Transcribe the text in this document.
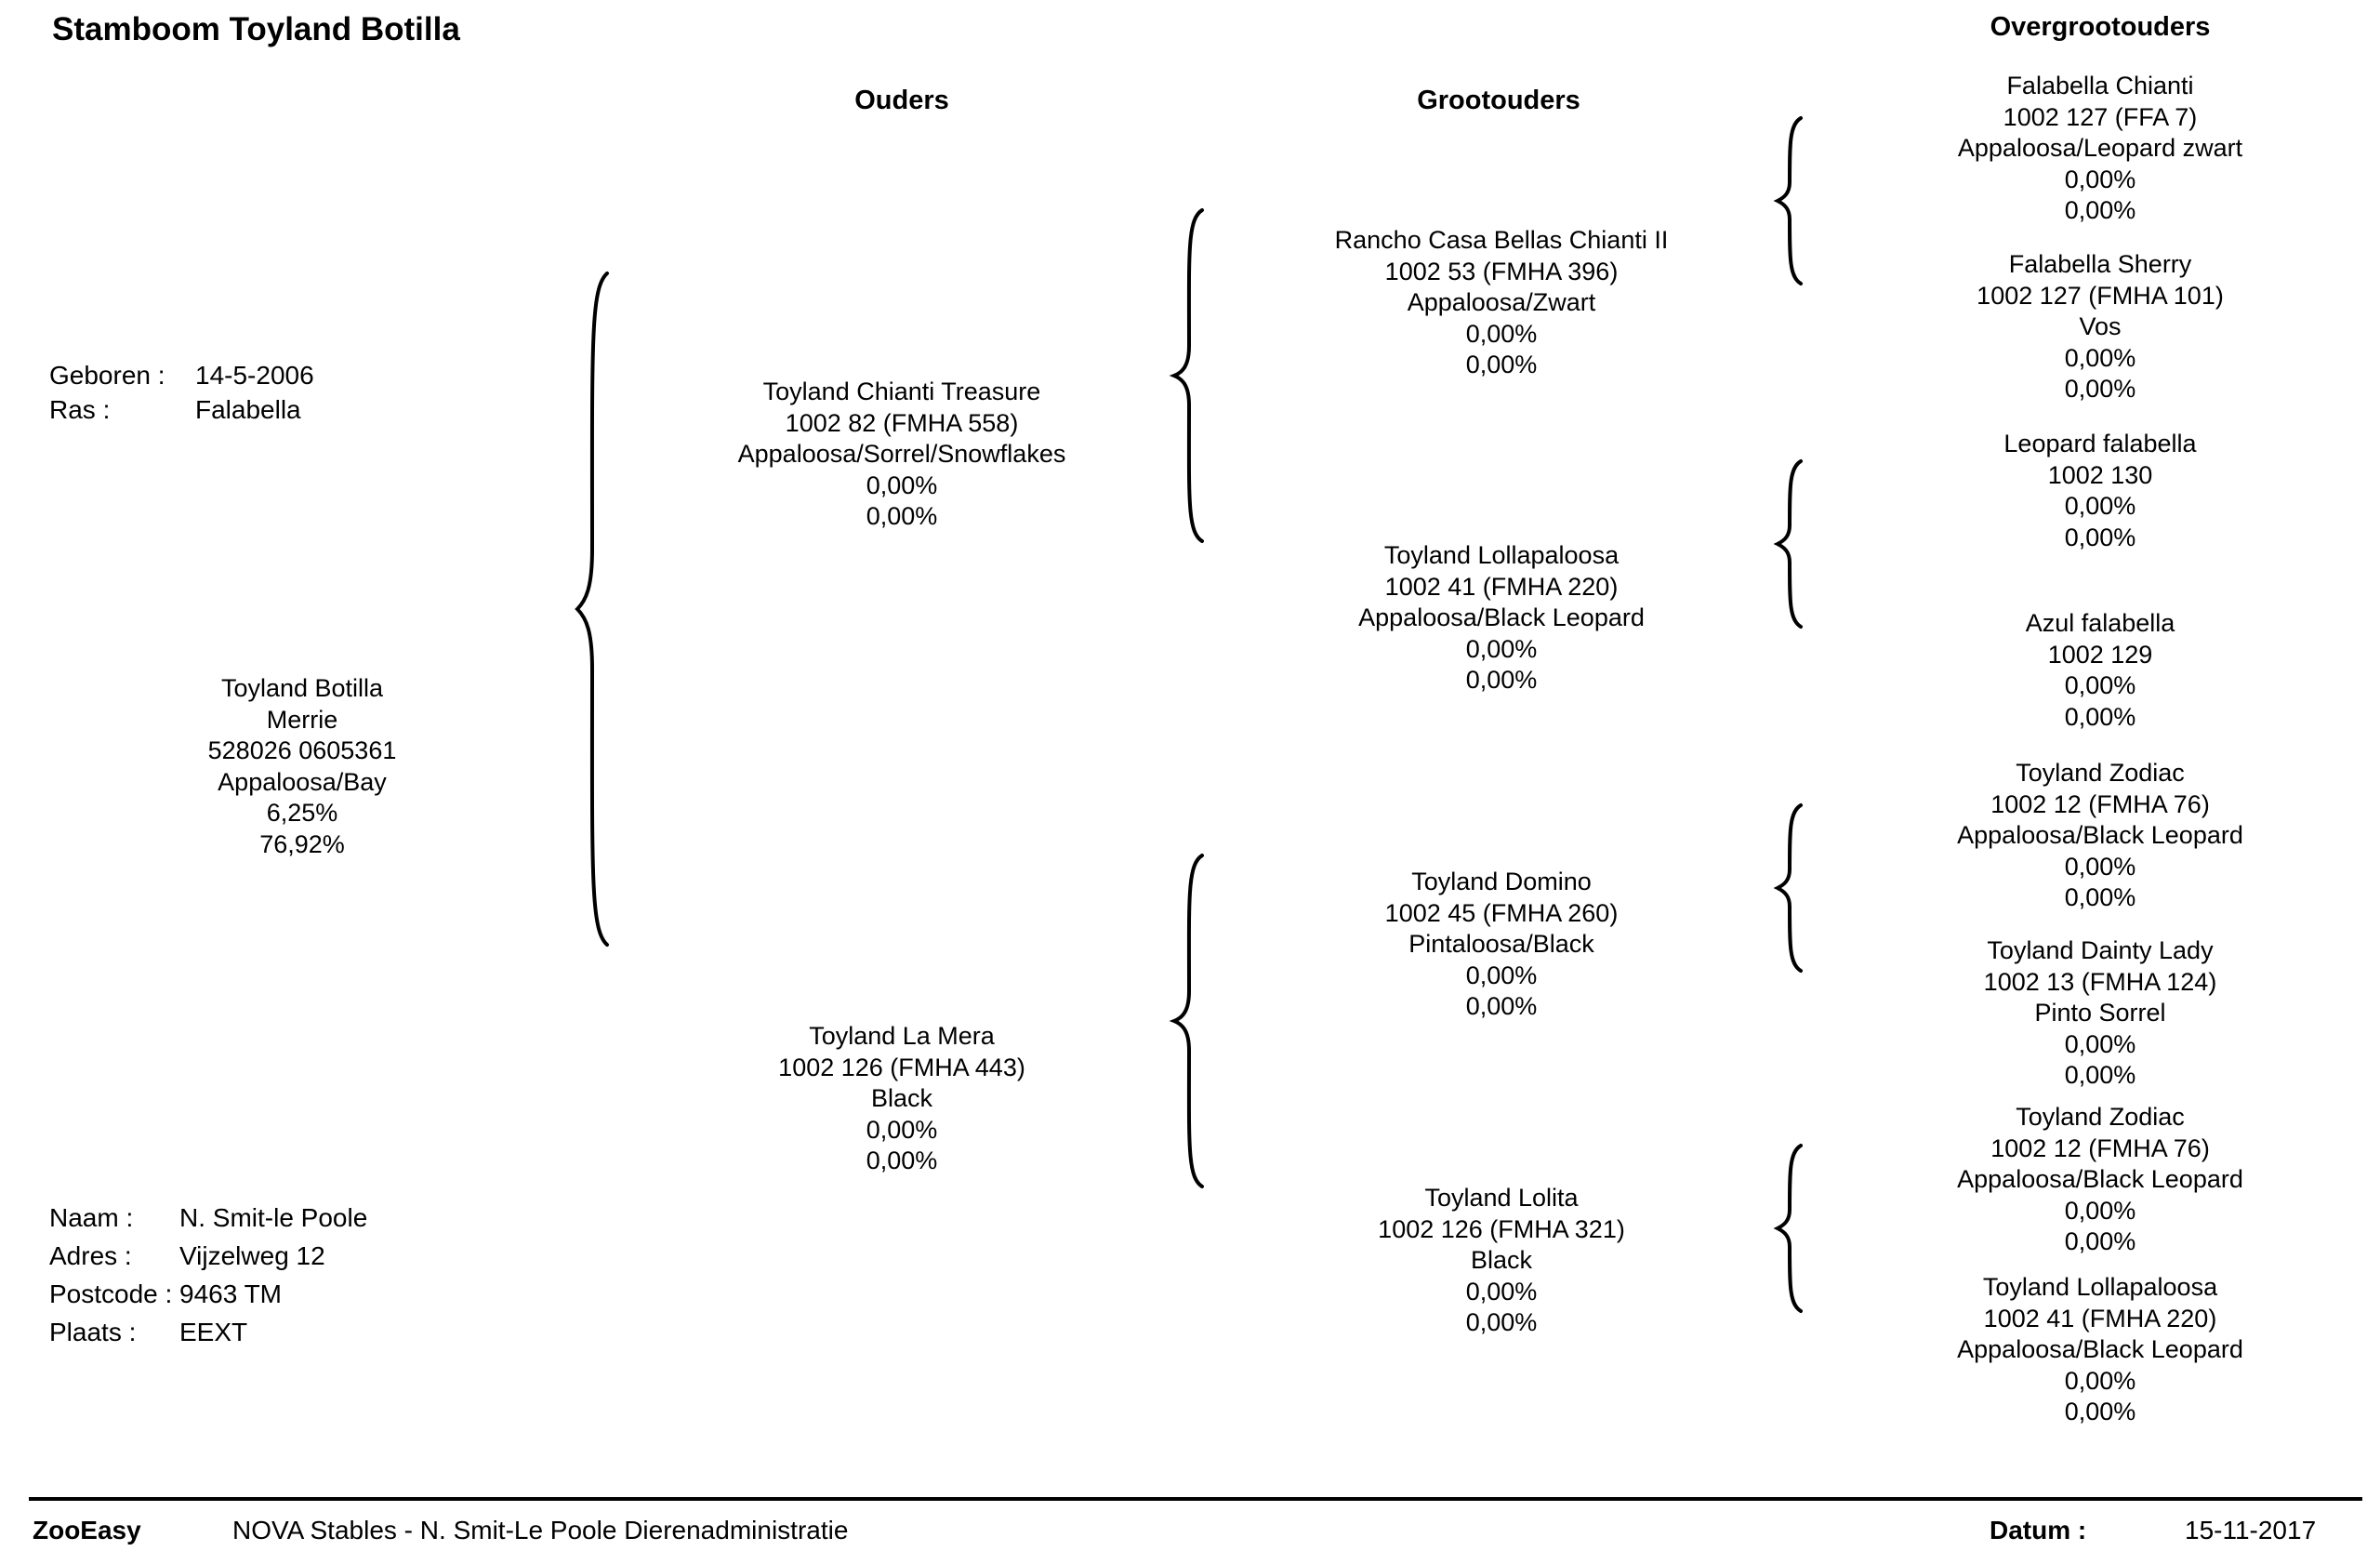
Stamboom Toyland Botilla
Ouders	Grootouders
Overgrootouders
Geboren : 14-5-2006
Ras :	Falabella
Toyland Botilla
Merrie
528026 0605361
Appaloosa/Bay
6,25%
76,92%
Toyland Chianti Treasure
1002 82 (FMHA 558)
Appaloosa/Sorrel/Snowflakes
0,00%
0,00%
Toyland La Mera
1002 126 (FMHA 443)
Black
0,00%
0,00%
Rancho Casa Bellas Chianti II
1002 53 (FMHA 396)
Appaloosa/Zwart
0,00%
0,00%
Toyland Lollapaloosa
1002 41 (FMHA 220)
Appaloosa/Black Leopard
0,00%
0,00%
Toyland Domino
1002 45 (FMHA 260)
Pintaloosa/Black
0,00%
0,00%
Toyland Lolita
1002 126 (FMHA 321)
Black
0,00%
0,00%
Falabella Chianti
1002 127 (FFA 7)
Appaloosa/Leopard zwart
0,00%
0,00%
Falabella Sherry
1002 127 (FMHA 101)
Vos
0,00%
0,00%
Leopard falabella
1002 130
0,00%
0,00%
Azul falabella
1002 129
0,00%
0,00%
Toyland Zodiac
1002 12 (FMHA 76)
Appaloosa/Black Leopard
0,00%
0,00%
Toyland Dainty Lady
1002 13 (FMHA 124)
Pinto Sorrel
0,00%
0,00%
Toyland Zodiac
1002 12 (FMHA 76)
Appaloosa/Black Leopard
0,00%
0,00%
Toyland Lollapaloosa
1002 41 (FMHA 220)
Appaloosa/Black Leopard
0,00%
0,00%
Naam : N. Smit-le Poole
Adres : Vijzelweg 12
Postcode : 9463 TM
Plaats : EEXT
ZooEasy	NOVA Stables - N. Smit-Le Poole Dierenadministratie	Datum :	15-11-2017
